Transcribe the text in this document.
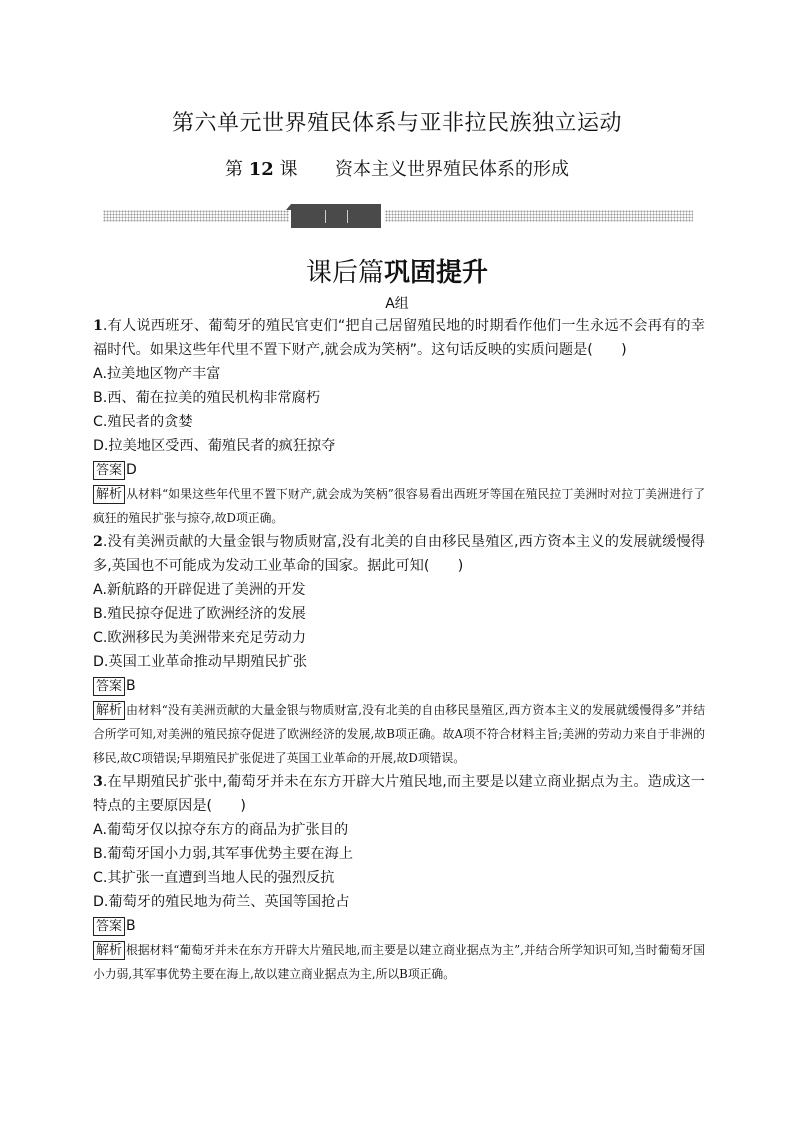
第六单元世界殖民体系与亚非拉民族独立运动
第 12 课 资本主义世界殖民体系的形成
课后篇巩固提升
A组

1.有人说西班牙、葡萄牙的殖民官吏们“把自己居留殖民地的时期看作他们一生永远不会再有的幸福时代。如果这些年代里不置下财产,就会成为笑柄”。这句话反映的实质问题是(　　)

A.拉美地区物产丰富

B.西、葡在拉美的殖民机构非常腐朽

C.殖民者的贪婪

D.拉美地区受西、葡殖民者的疯狂掠夺

答案 D

解析 从材料“如果这些年代里不置下财产,就会成为笑柄”很容易看出西班牙等国在殖民拉丁美洲时对拉丁美洲进行了疯狂的殖民扩张与掠夺,故D项正确。

2.没有美洲贡献的大量金银与物质财富,没有北美的自由移民垦殖区,西方资本主义的发展就缓慢得多,英国也不可能成为发动工业革命的国家。据此可知(　　)

A.新航路的开辟促进了美洲的开发

B.殖民掠夺促进了欧洲经济的发展

C.欧洲移民为美洲带来充足劳动力

D.英国工业革命推动早期殖民扩张

答案 B

解析 由材料“没有美洲贡献的大量金银与物质财富,没有北美的自由移民垦殖区,西方资本主义的发展就缓慢得多”并结合所学可知,对美洲的殖民掠夺促进了欧洲经济的发展,故B项正确。故A项不符合材料主旨;美洲的劳动力来自于非洲的移民,故C项错误;早期殖民扩张促进了英国工业革命的开展,故D项错误。

3.在早期殖民扩张中,葡萄牙并未在东方开辟大片殖民地,而主要是以建立商业据点为主。造成这一特点的主要原因是(　　)

A.葡萄牙仅以掠夺东方的商品为扩张目的

B.葡萄牙国小力弱,其军事优势主要在海上

C.其扩张一直遭到当地人民的强烈反抗

D.葡萄牙的殖民地为荷兰、英国等国抢占

答案 B

解析 根据材料“葡萄牙并未在东方开辟大片殖民地,而主要是以建立商业据点为主”,并结合所学知识可知,当时葡萄牙国小力弱,其军事优势主要在海上,故以建立商业据点为主,所以B项正确。
